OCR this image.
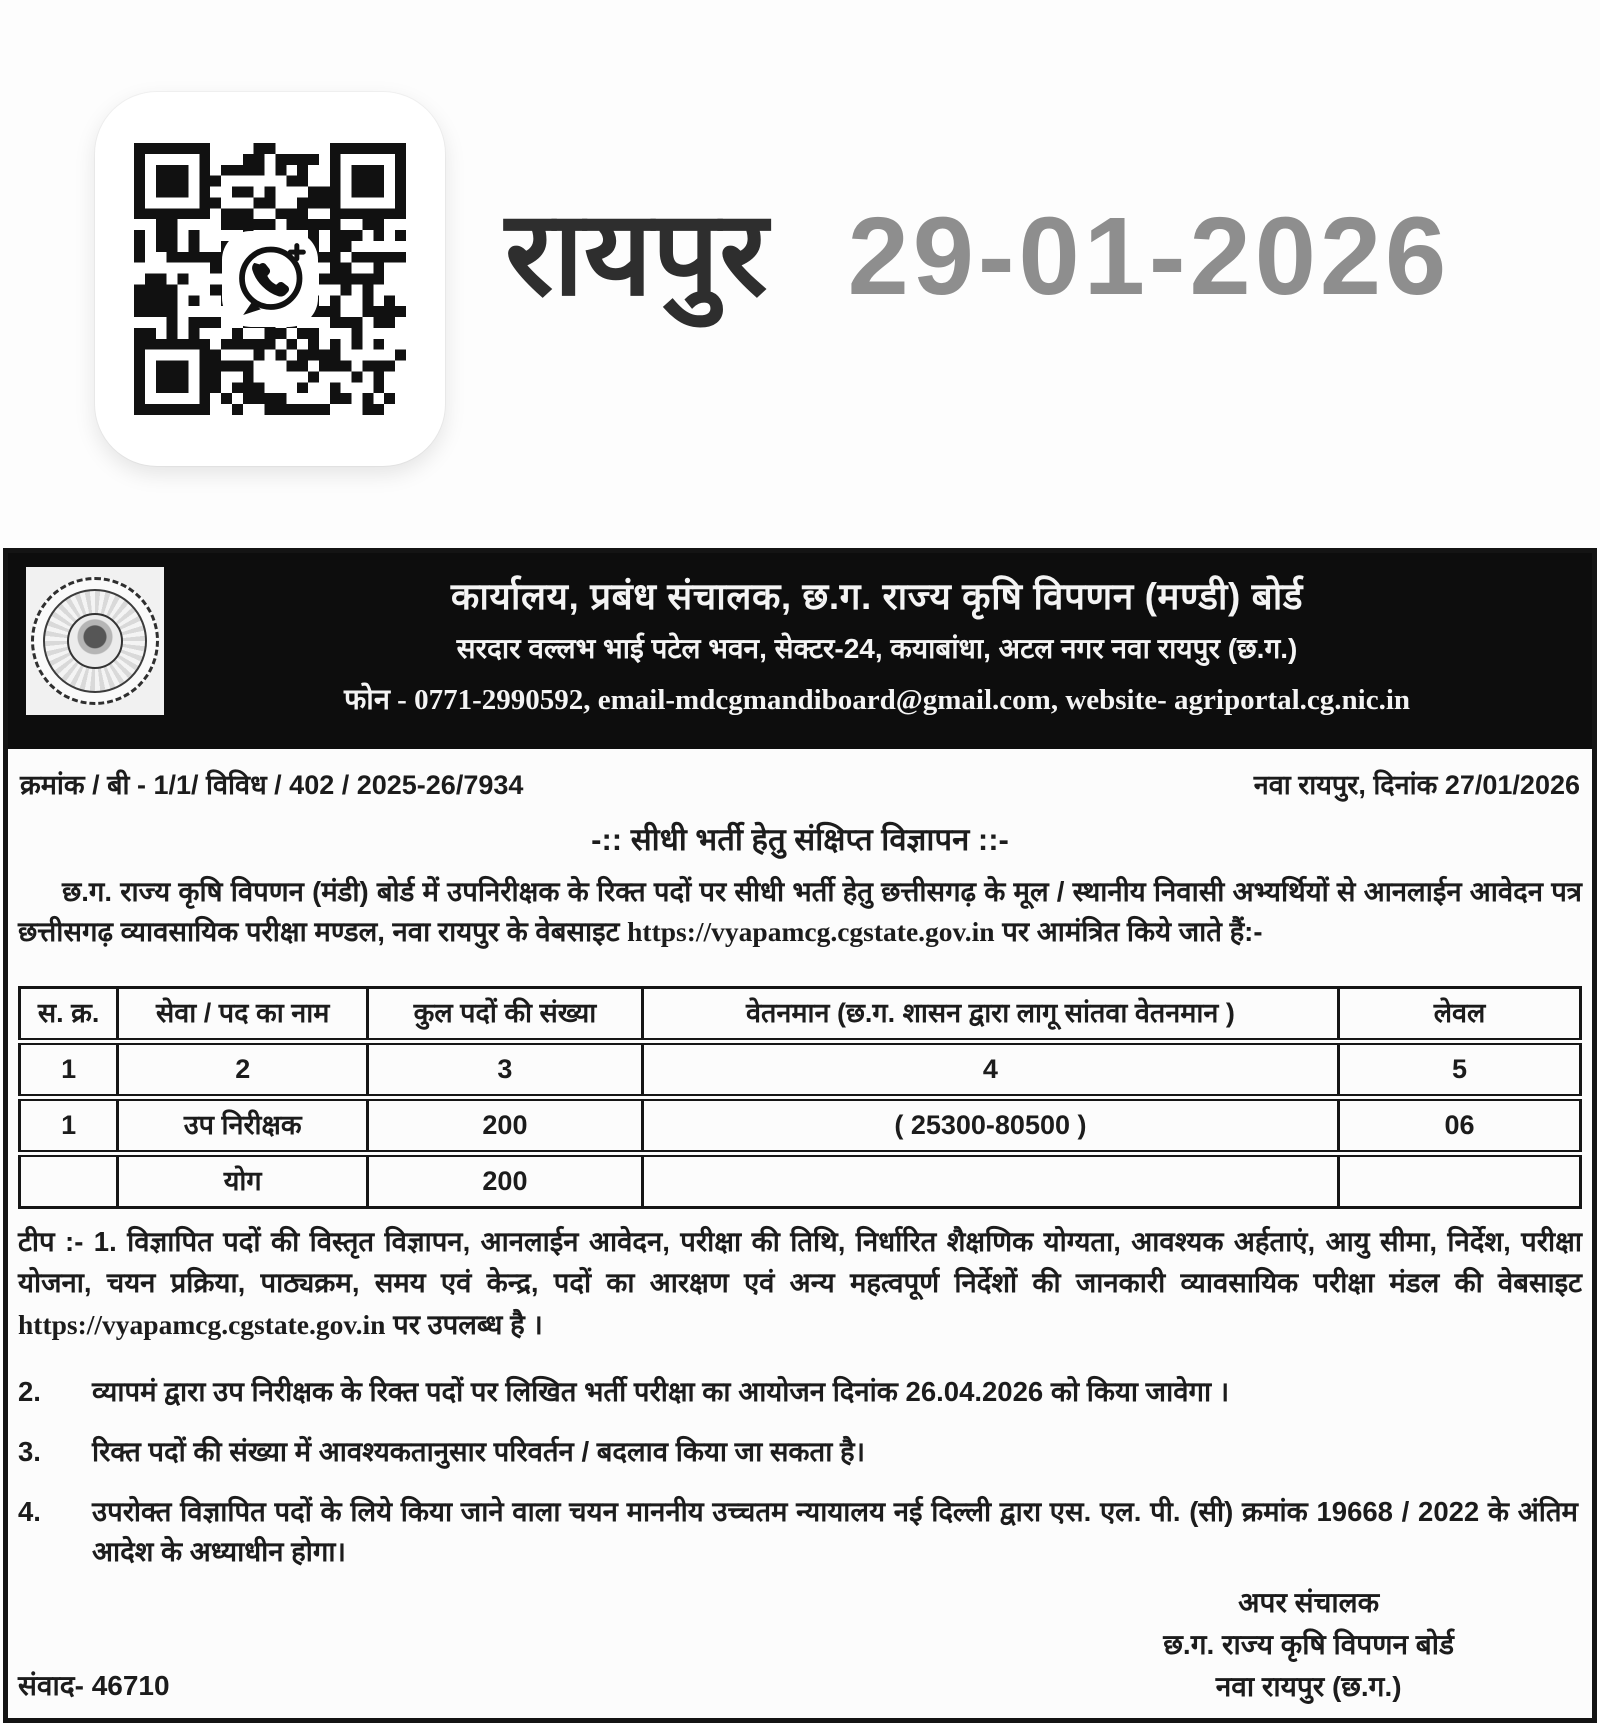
रायपुर 29-01-2026
कार्यालय, प्रबंध संचालक, छ.ग. राज्य कृषि विपणन (मण्डी) बोर्ड
सरदार वल्लभ भाई पटेल भवन, सेक्टर-24, कयाबांधा, अटल नगर नवा रायपुर (छ.ग.)
फोन - 0771-2990592, email-mdcgmandiboard@gmail.com, website- agriportal.cg.nic.in
क्रमांक / बी - 1/1/ विविध / 402 / 2025-26/7934	नवा रायपुर, दिनांक 27/01/2026
-:: सीधी भर्ती हेतु संक्षिप्त विज्ञापन ::-

छ.ग. राज्य कृषि विपणन (मंडी) बोर्ड में उपनिरीक्षक के रिक्त पदों पर सीधी भर्ती हेतु छत्तीसगढ़ के मूल / स्थानीय निवासी अभ्यर्थियों से आनलाईन आवेदन पत्र छत्तीसगढ़ व्यावसायिक परीक्षा मण्डल, नवा रायपुर के वेबसाइट https://vyapamcg.cgstate.gov.in पर आमंत्रित किये जाते हैं:-

स. क्र.	सेवा / पद का नाम	कुल पदों की संख्या	वेतनमान (छ.ग. शासन द्वारा लागू सांतवा वेतनमान )	लेवल
1	2	3	4	5
1	उप निरीक्षक	200	( 25300-80500 )	06
	योग	200		

टीप :- 1. विज्ञापित पदों की विस्तृत विज्ञापन, आनलाईन आवेदन, परीक्षा की तिथि, निर्धारित शैक्षणिक योग्यता, आवश्यक अर्हताएं, आयु सीमा, निर्देश, परीक्षा योजना, चयन प्रक्रिया, पाठ्यक्रम, समय एवं केन्द्र, पदों का आरक्षण एवं अन्य महत्वपूर्ण निर्देशों की जानकारी व्यावसायिक परीक्षा मंडल की वेबसाइट https://vyapamcg.cgstate.gov.in पर उपलब्ध है ।

2.	व्यापमं द्वारा उप निरीक्षक के रिक्त पदों पर लिखित भर्ती परीक्षा का आयोजन दिनांक 26.04.2026 को किया जावेगा ।
3.	रिक्त पदों की संख्या में आवश्यकतानुसार परिवर्तन / बदलाव किया जा सकता है।
4.	उपरोक्त विज्ञापित पदों के लिये किया जाने वाला चयन माननीय उच्चतम न्यायालय नई दिल्ली द्वारा एस. एल. पी. (सी) क्रमांक 19668 / 2022 के अंतिम आदेश के अध्याधीन होगा।
संवाद- 46710
अपर संचालक
छ.ग. राज्य कृषि विपणन बोर्ड
नवा रायपुर (छ.ग.)
